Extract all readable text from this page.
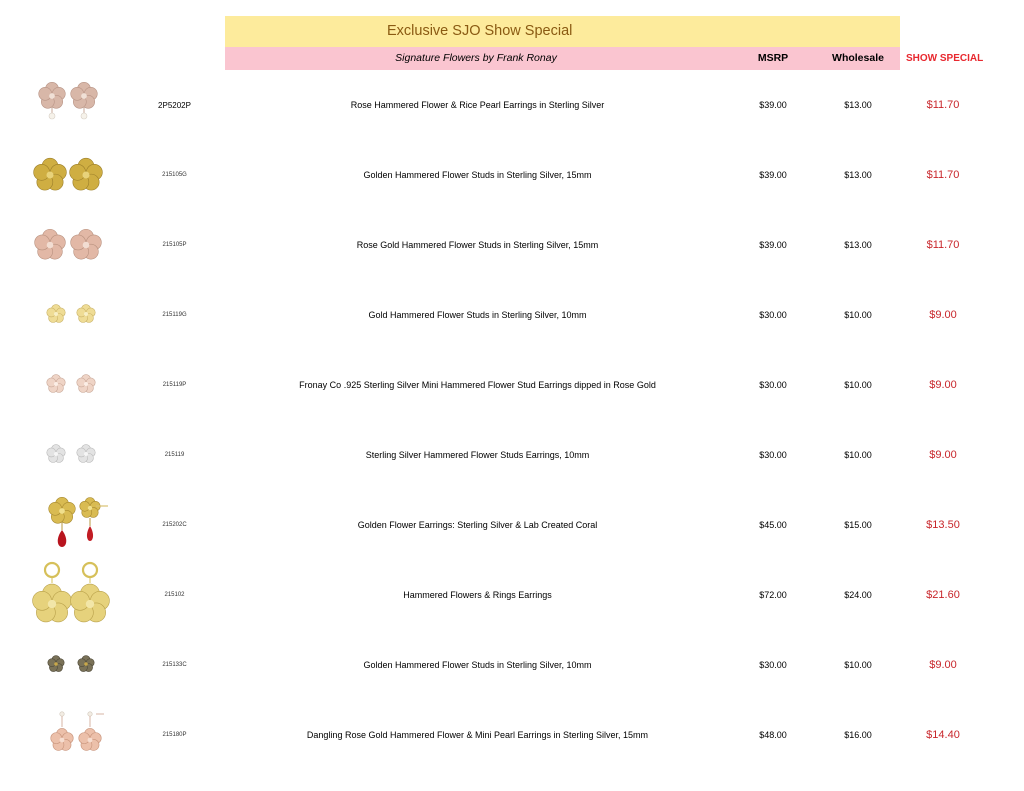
Exclusive SJO Show Special
Signature Flowers by Frank Ronay	MSRP	Wholesale	SHOW SPECIAL
2P5202P	Rose Hammered Flower & Rice Pearl Earrings in Sterling Silver	$39.00	$13.00	$11.70
215105G	Golden Hammered Flower Studs in Sterling Silver, 15mm	$39.00	$13.00	$11.70
215105P	Rose Gold Hammered Flower Studs in Sterling Silver, 15mm	$39.00	$13.00	$11.70
215119G	Gold Hammered Flower Studs in Sterling Silver, 10mm	$30.00	$10.00	$9.00
215119P	Fronay Co .925 Sterling Silver Mini Hammered Flower Stud Earrings dipped in Rose Gold	$30.00	$10.00	$9.00
215119	Sterling Silver Hammered Flower Studs Earrings, 10mm	$30.00	$10.00	$9.00
215202C	Golden Flower Earrings: Sterling Silver & Lab Created Coral	$45.00	$15.00	$13.50
215102	Hammered Flowers & Rings Earrings	$72.00	$24.00	$21.60
215133C	Golden Hammered Flower Studs in Sterling Silver, 10mm	$30.00	$10.00	$9.00
215180P	Dangling Rose Gold Hammered Flower & Mini Pearl Earrings in Sterling Silver, 15mm	$48.00	$16.00	$14.40
